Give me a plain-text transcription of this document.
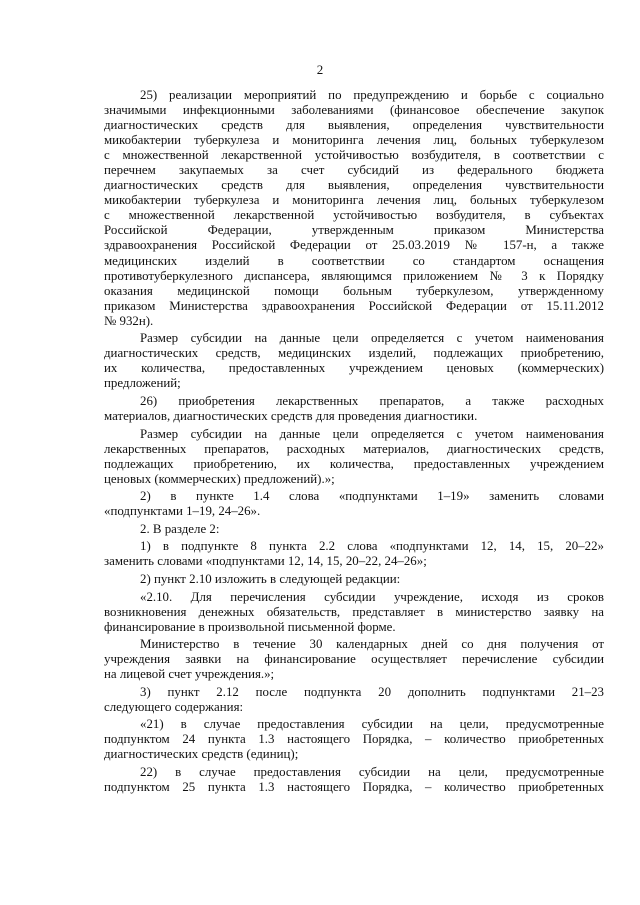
2
25) реализации мероприятий по предупреждению и борьбе с социально
значимыми инфекционными заболеваниями (финансовое обеспечение закупок
диагностических средств для выявления, определения чувствительности
микобактерии туберкулеза и мониторинга лечения лиц, больных туберкулезом
с множественной лекарственной устойчивостью возбудителя, в соответствии с
перечнем закупаемых за счет субсидий из федерального бюджета
диагностических средств для выявления, определения чувствительности
микобактерии туберкулеза и мониторинга лечения лиц, больных туберкулезом
с множественной лекарственной устойчивостью возбудителя, в субъектах
Российской Федерации, утвержденным приказом Министерства
здравоохранения Российской Федерации от 25.03.2019 № 157-н, а также
медицинских изделий в соответствии со стандартом оснащения
противотуберкулезного диспансера, являющимся приложением № 3 к Порядку
оказания медицинской помощи больным туберкулезом, утвержденному
приказом Министерства здравоохранения Российской Федерации от 15.11.2012
№ 932н).
Размер субсидии на данные цели определяется с учетом наименования
диагностических средств, медицинских изделий, подлежащих приобретению,
их количества, предоставленных учреждением ценовых (коммерческих)
предложений;
26) приобретения лекарственных препаратов, а также расходных
материалов, диагностических средств для проведения диагностики.
Размер субсидии на данные цели определяется с учетом наименования
лекарственных препаратов, расходных материалов, диагностических средств,
подлежащих приобретению, их количества, предоставленных учреждением
ценовых (коммерческих) предложений).»;
2) в пункте 1.4 слова «подпунктами 1–19» заменить словами
«подпунктами 1–19, 24–26».
2. В разделе 2:
1) в подпункте 8 пункта 2.2 слова «подпунктами 12, 14, 15, 20–22»
заменить словами «подпунктами 12, 14, 15, 20–22, 24–26»;
2) пункт 2.10 изложить в следующей редакции:
«2.10. Для перечисления субсидии учреждение, исходя из сроков
возникновения денежных обязательств, представляет в министерство заявку на
финансирование в произвольной письменной форме.
Министерство в течение 30 календарных дней со дня получения от
учреждения заявки на финансирование осуществляет перечисление субсидии
на лицевой счет учреждения.»;
3) пункт 2.12 после подпункта 20 дополнить подпунктами 21–23
следующего содержания:
«21) в случае предоставления субсидии на цели, предусмотренные
подпунктом 24 пункта 1.3 настоящего Порядка, – количество приобретенных
диагностических средств (единиц);
22) в случае предоставления субсидии на цели, предусмотренные
подпунктом 25 пункта 1.3 настоящего Порядка, – количество приобретенных
